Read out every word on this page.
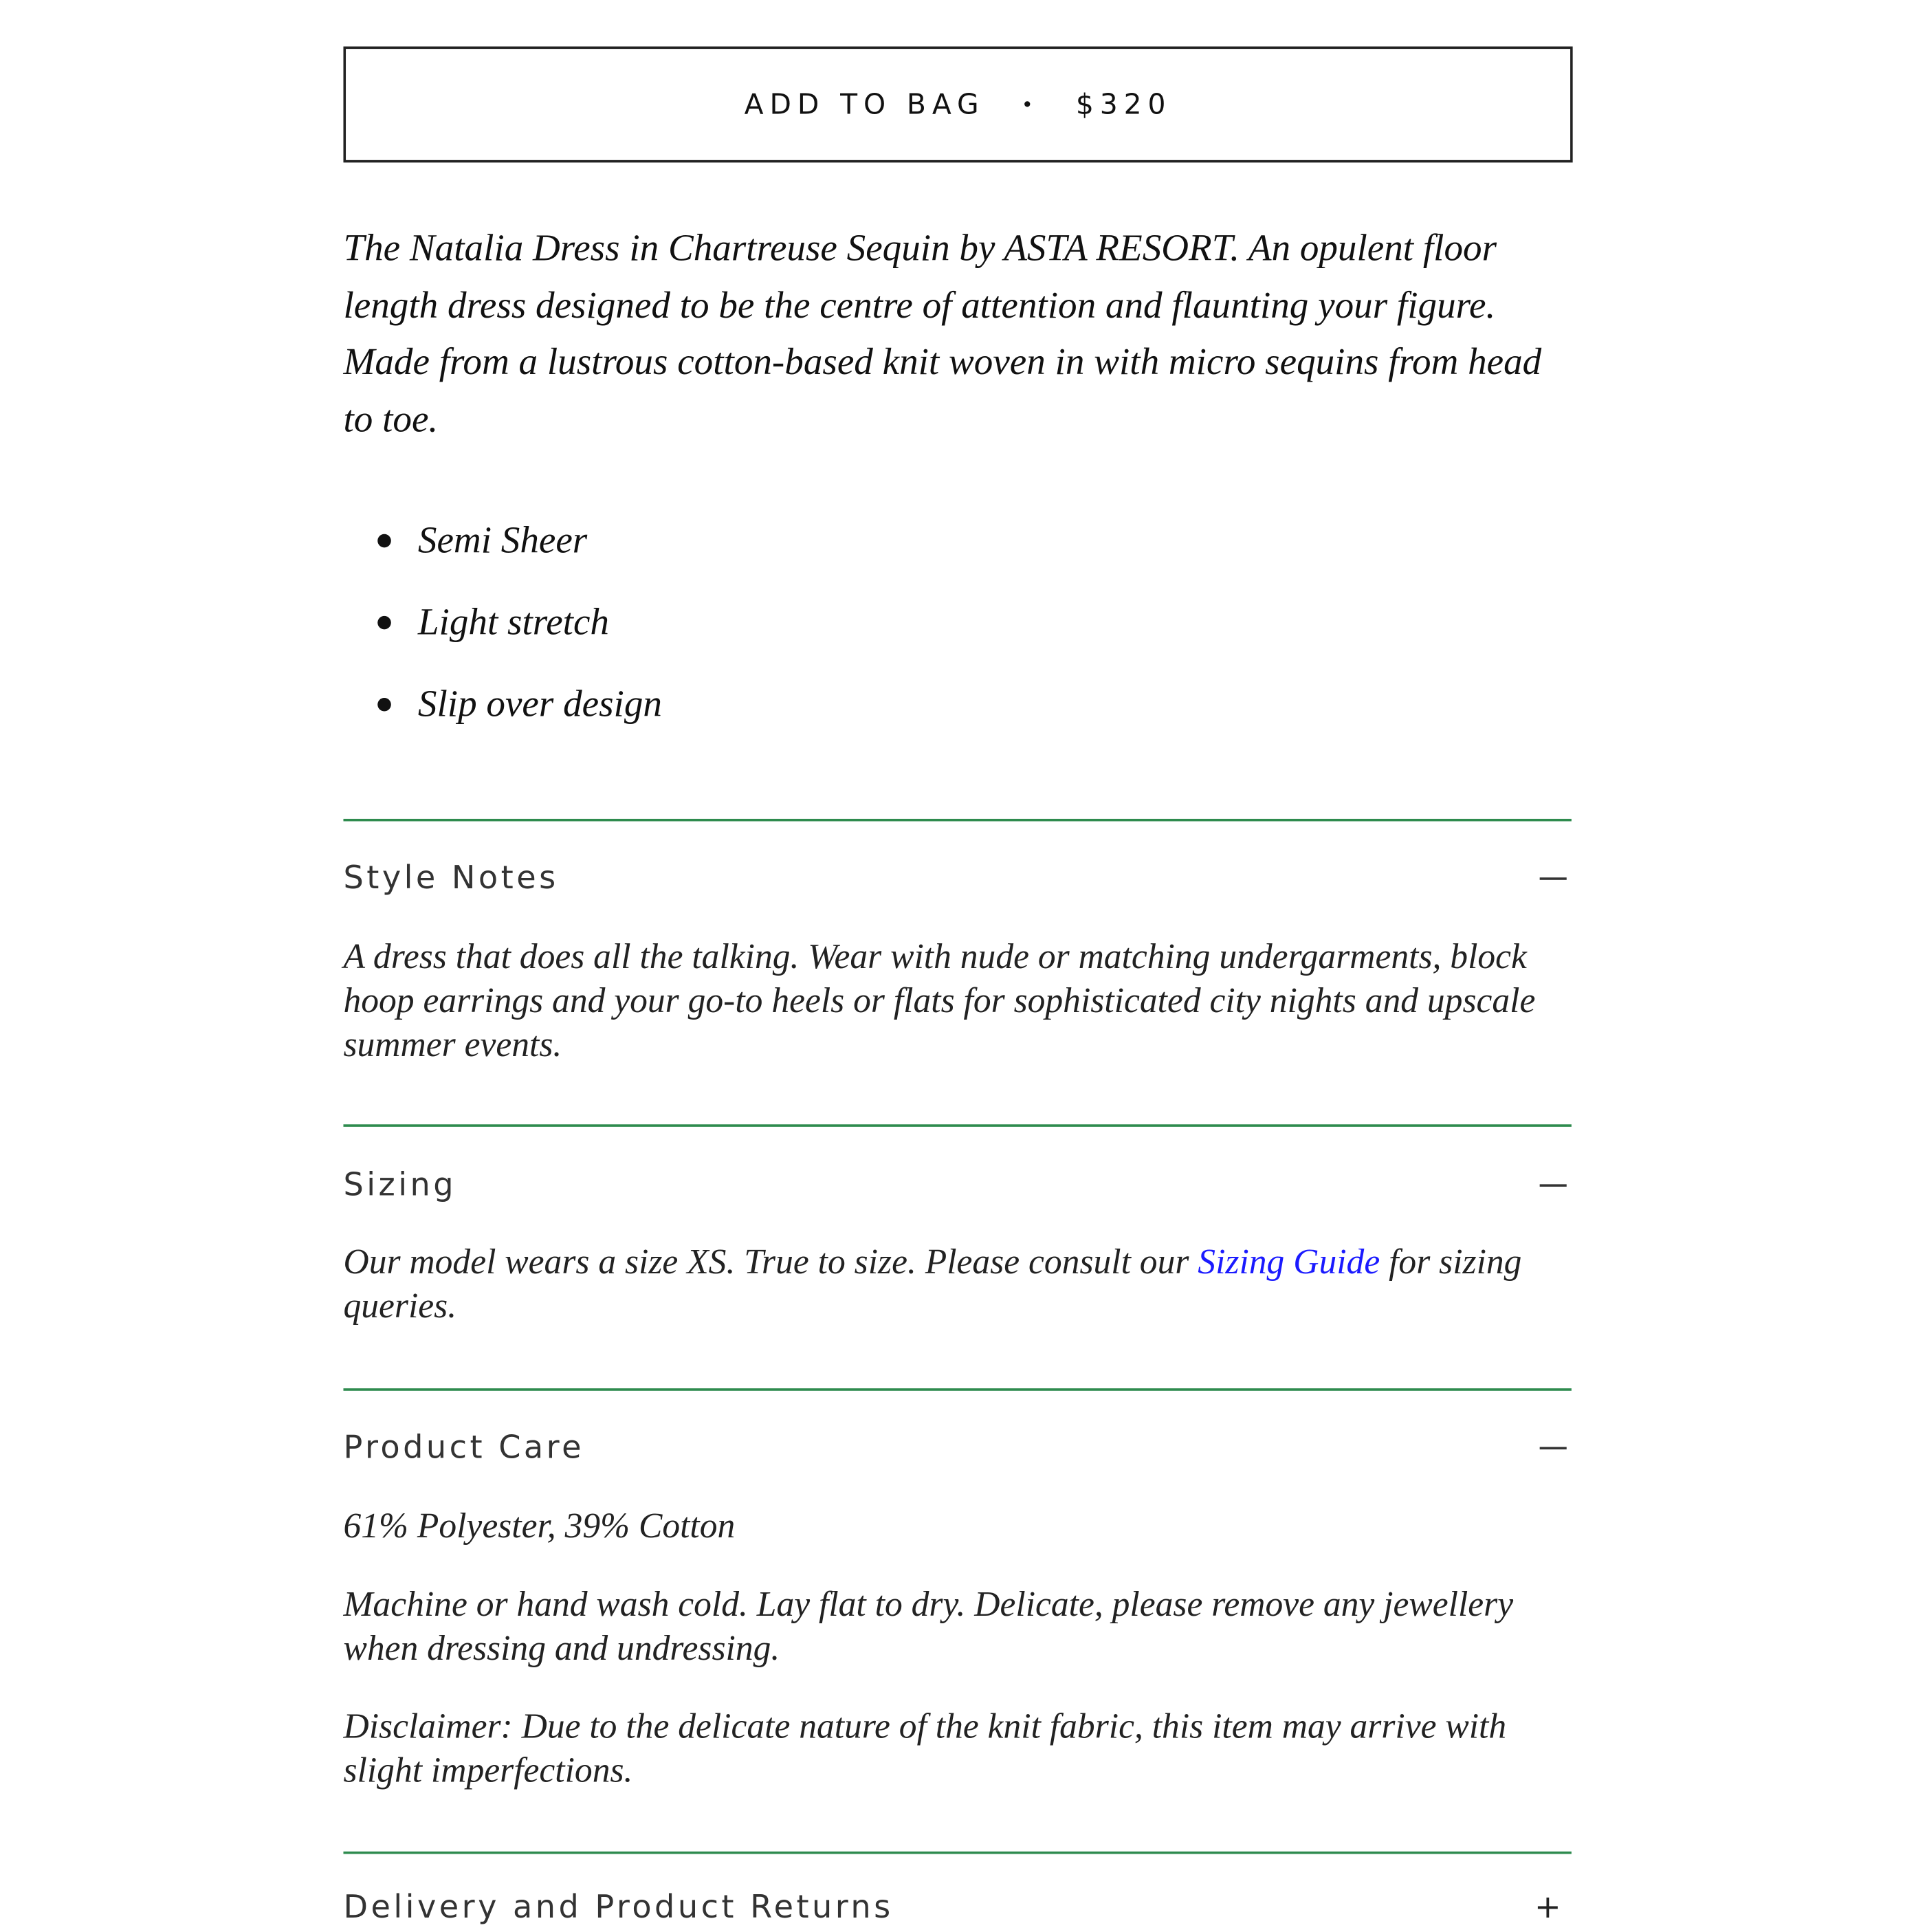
ADD TO BAG	• $320
The Natalia Dress in Chartreuse Sequin by ASTA RESORT. An opulent floor length dress designed to be the centre of attention and flaunting your figure. Made from a lustrous cotton-based knit woven in with micro sequins from head to toe.
Semi Sheer
Light stretch
Slip over design
Style Notes
A dress that does all the talking. Wear with nude or matching undergarments, block hoop earrings and your go-to heels or flats for sophisticated city nights and upscale summer events.
Sizing
Our model wears a size XS. True to size. Please consult our Sizing Guide for sizing queries.
Product Care
61% Polyester, 39% Cotton
Machine or hand wash cold. Lay flat to dry. Delicate, please remove any jewellery when dressing and undressing.
Disclaimer: Due to the delicate nature of the knit fabric, this item may arrive with slight imperfections.
Delivery and Product Returns	+
